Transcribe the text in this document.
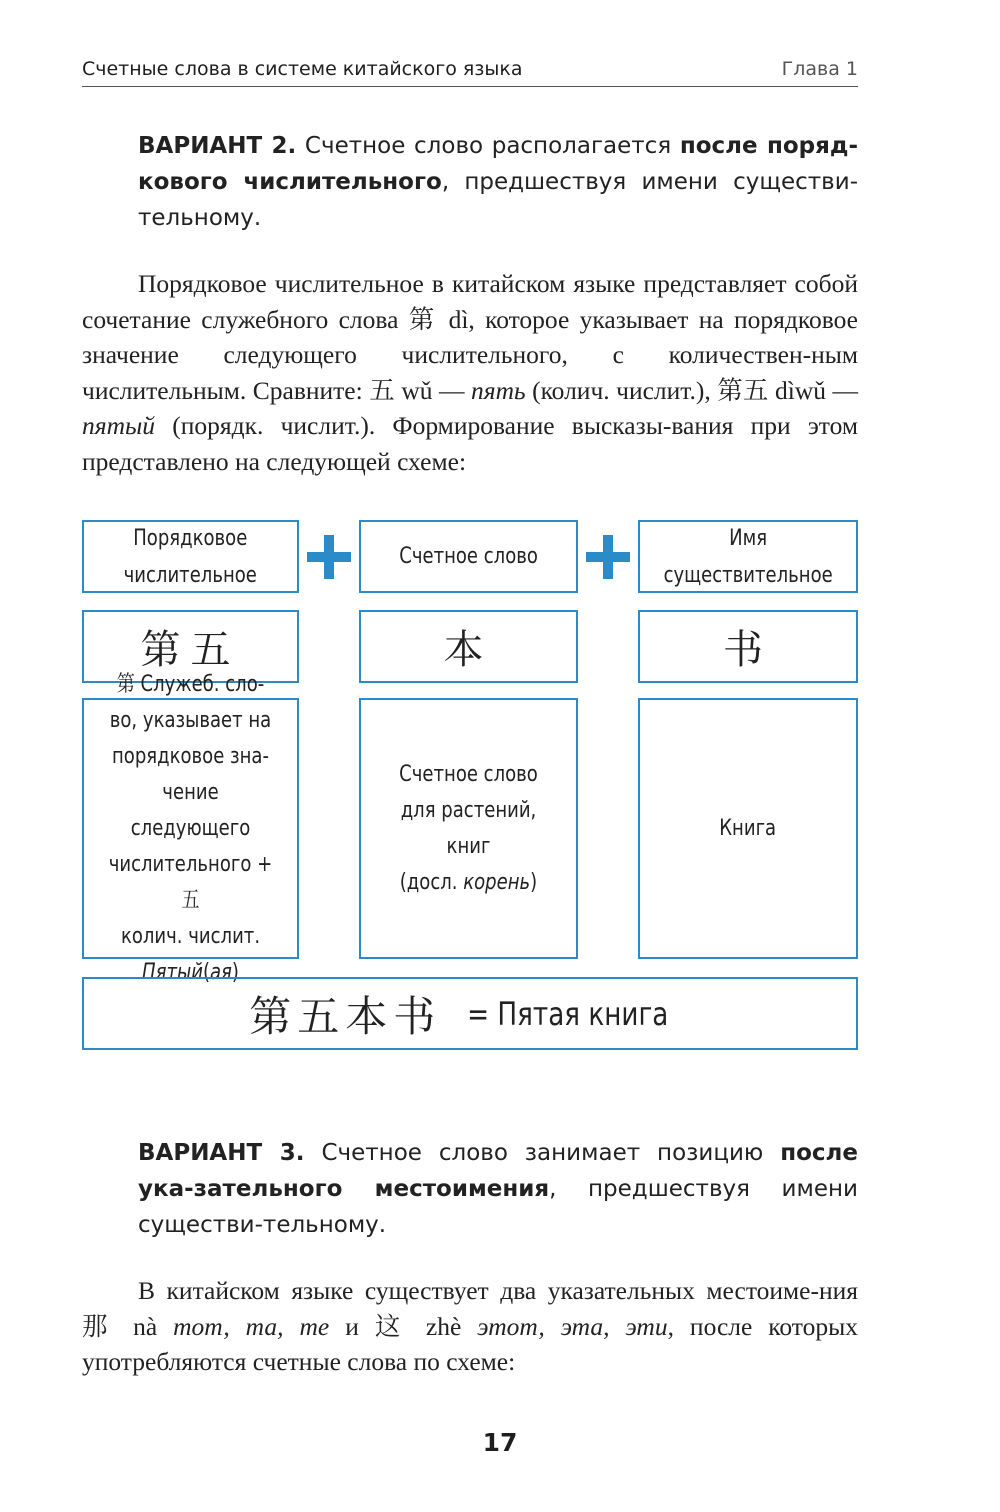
Счетные слова в системе китайского языка	Глава 1
ВАРИАНТ 2. Счетное слово располагается после поряд-кового числительного, предшествуя имени существи-тельному.
Порядковое числительное в китайском языке представляет собой сочетание служебного слова 第 dì, которое указывает на порядковое значение следующего числительного, с количествен-ным числительным. Сравните: 五 wǔ — пять (колич. числит.), 第五 dìwǔ — пятый (порядк. числит.). Формирование высказы-вания при этом представлено на следующей схеме:
Порядковое
числительное
Счетное слово
Имя
существительное
第五	本	书
第 Служеб. сло-
во, указывает на
порядковое зна-
чение следующего
числительного + 五
колич. числит.
Пятый(ая)
Счетное слово
для растений, книг
(досл. корень)
Книга
第五本书 = Пятая книга
ВАРИАНТ 3. Счетное слово занимает позицию после ука-зательного местоимения, предшествуя имени существи-тельному.
В китайском языке существует два указательных местоиме-ния 那 nà тот, та, те и 这 zhè этот, эта, эти, после которых употребляются счетные слова по схеме:
17
